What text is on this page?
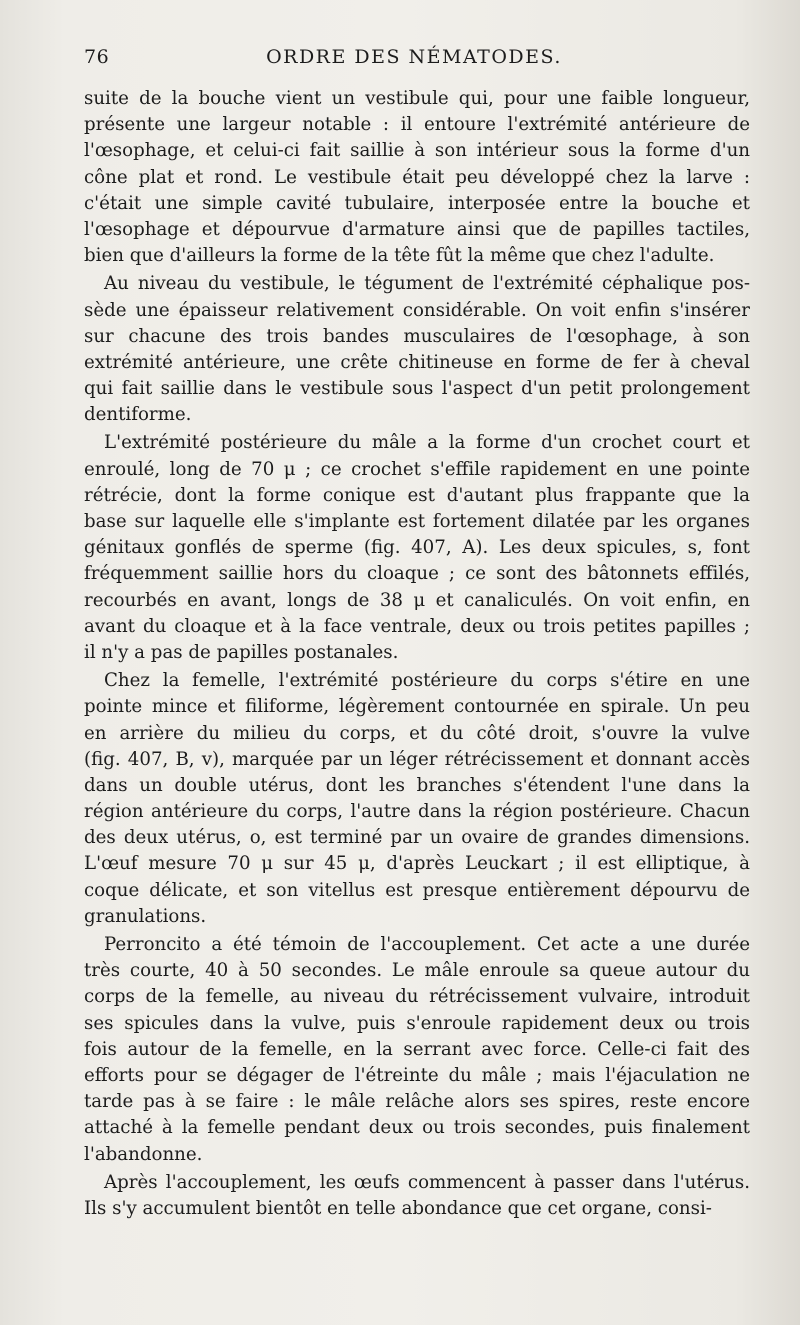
76	ORDRE DES NÉMATODES.
suite de la bouche vient un vestibule qui, pour une faible longueur,
présente une largeur notable : il entoure l'extrémité antérieure de
l'œsophage, et celui-ci fait saillie à son intérieur sous la forme d'un
cône plat et rond. Le vestibule était peu développé chez la larve :
c'était une simple cavité tubulaire, interposée entre la bouche et
l'œsophage et dépourvue d'armature ainsi que de papilles tactiles,
bien que d'ailleurs la forme de la tête fût la même que chez l'adulte.
Au niveau du vestibule, le tégument de l'extrémité céphalique pos-
sède une épaisseur relativement considérable. On voit enfin s'insérer
sur chacune des trois bandes musculaires de l'œsophage, à son
extrémité antérieure, une crête chitineuse en forme de fer à cheval
qui fait saillie dans le vestibule sous l'aspect d'un petit prolongement
dentiforme.
L'extrémité postérieure du mâle a la forme d'un crochet court et
enroulé, long de 70 μ ; ce crochet s'effile rapidement en une pointe
rétrécie, dont la forme conique est d'autant plus frappante que la
base sur laquelle elle s'implante est fortement dilatée par les organes
génitaux gonflés de sperme (fig. 407, A). Les deux spicules, s, font
fréquemment saillie hors du cloaque ; ce sont des bâtonnets effilés,
recourbés en avant, longs de 38 μ et canaliculés. On voit enfin, en
avant du cloaque et à la face ventrale, deux ou trois petites papilles ;
il n'y a pas de papilles postanales.
Chez la femelle, l'extrémité postérieure du corps s'étire en une
pointe mince et filiforme, légèrement contournée en spirale. Un peu
en arrière du milieu du corps, et du côté droit, s'ouvre la vulve
(fig. 407, B, v), marquée par un léger rétrécissement et donnant accès
dans un double utérus, dont les branches s'étendent l'une dans la
région antérieure du corps, l'autre dans la région postérieure. Chacun
des deux utérus, o, est terminé par un ovaire de grandes dimensions.
L'œuf mesure 70 μ sur 45 μ, d'après Leuckart ; il est elliptique, à
coque délicate, et son vitellus est presque entièrement dépourvu de
granulations.
Perroncito a été témoin de l'accouplement. Cet acte a une durée
très courte, 40 à 50 secondes. Le mâle enroule sa queue autour du
corps de la femelle, au niveau du rétrécissement vulvaire, introduit
ses spicules dans la vulve, puis s'enroule rapidement deux ou trois
fois autour de la femelle, en la serrant avec force. Celle-ci fait des
efforts pour se dégager de l'étreinte du mâle ; mais l'éjaculation ne
tarde pas à se faire : le mâle relâche alors ses spires, reste encore
attaché à la femelle pendant deux ou trois secondes, puis finalement
l'abandonne.
Après l'accouplement, les œufs commencent à passer dans l'utérus.
Ils s'y accumulent bientôt en telle abondance que cet organe, consi-
